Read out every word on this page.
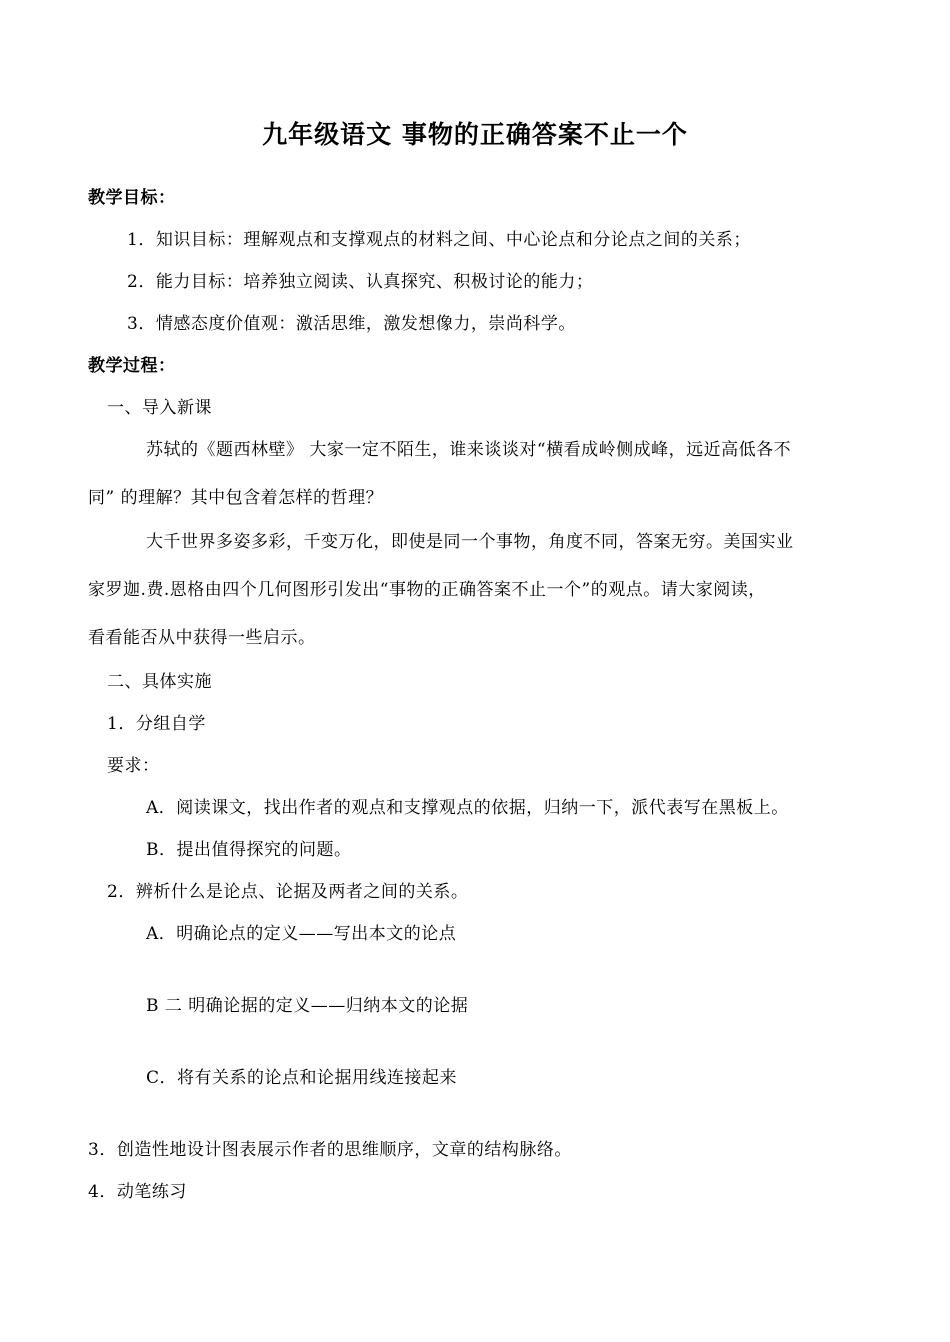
九年级语文 事物的正确答案不止一个
教学目标：
1．知识目标：理解观点和支撑观点的材料之间、中心论点和分论点之间的关系；
2．能力目标：培养独立阅读、认真探究、积极讨论的能力；
3．情感态度价值观：激活思维，激发想像力，崇尚科学。
教学过程：
一、导入新课
苏轼的《题西林壁》 大家一定不陌生，谁来谈谈对“横看成岭侧成峰，远近高低各不
同” 的理解？其中包含着怎样的哲理？
大千世界多姿多彩，千变万化，即使是同一个事物，角度不同，答案无穷。美国实业
家罗迦.费.恩格由四个几何图形引发出“事物的正确答案不止一个”的观点。请大家阅读，
看看能否从中获得一些启示。
二、具体实施
1．分组自学
要求：
A．阅读课文，找出作者的观点和支撑观点的依据，归纳一下，派代表写在黑板上。
B．提出值得探究的问题。
2．辨析什么是论点、论据及两者之间的关系。
A．明确论点的定义——写出本文的论点
B 二 明确论据的定义——归纳本文的论据
C．将有关系的论点和论据用线连接起来
3．创造性地设计图表展示作者的思维顺序，文章的结构脉络。
4．动笔练习
